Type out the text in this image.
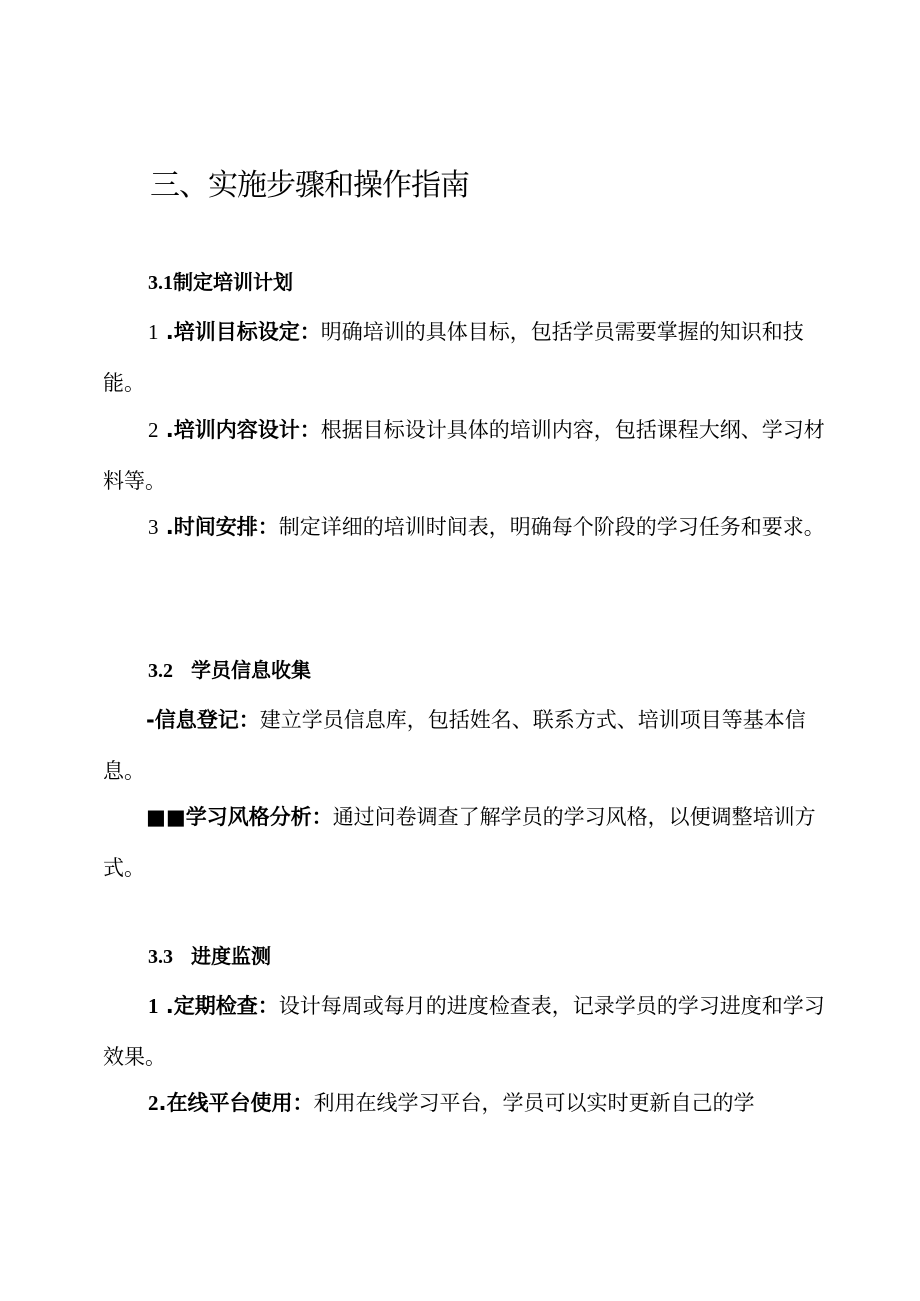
三、实施步骤和操作指南
3.1制定培训计划

1 .培训目标设定：明确培训的具体目标，包括学员需要掌握的知识和技能。

2 .培训内容设计：根据目标设计具体的培训内容，包括课程大纲、学习材料等。

3 .时间安排：制定详细的培训时间表，明确每个阶段的学习任务和要求。

3.2 学员信息收集

-信息登记：建立学员信息库，包括姓名、联系方式、培训项目等基本信息。

■■学习风格分析：通过问卷调查了解学员的学习风格，以便调整培训方式。

3.3 进度监测

1 .定期检查：设计每周或每月的进度检查表，记录学员的学习进度和学习效果。

2.在线平台使用：利用在线学习平台，学员可以实时更新自己的学
